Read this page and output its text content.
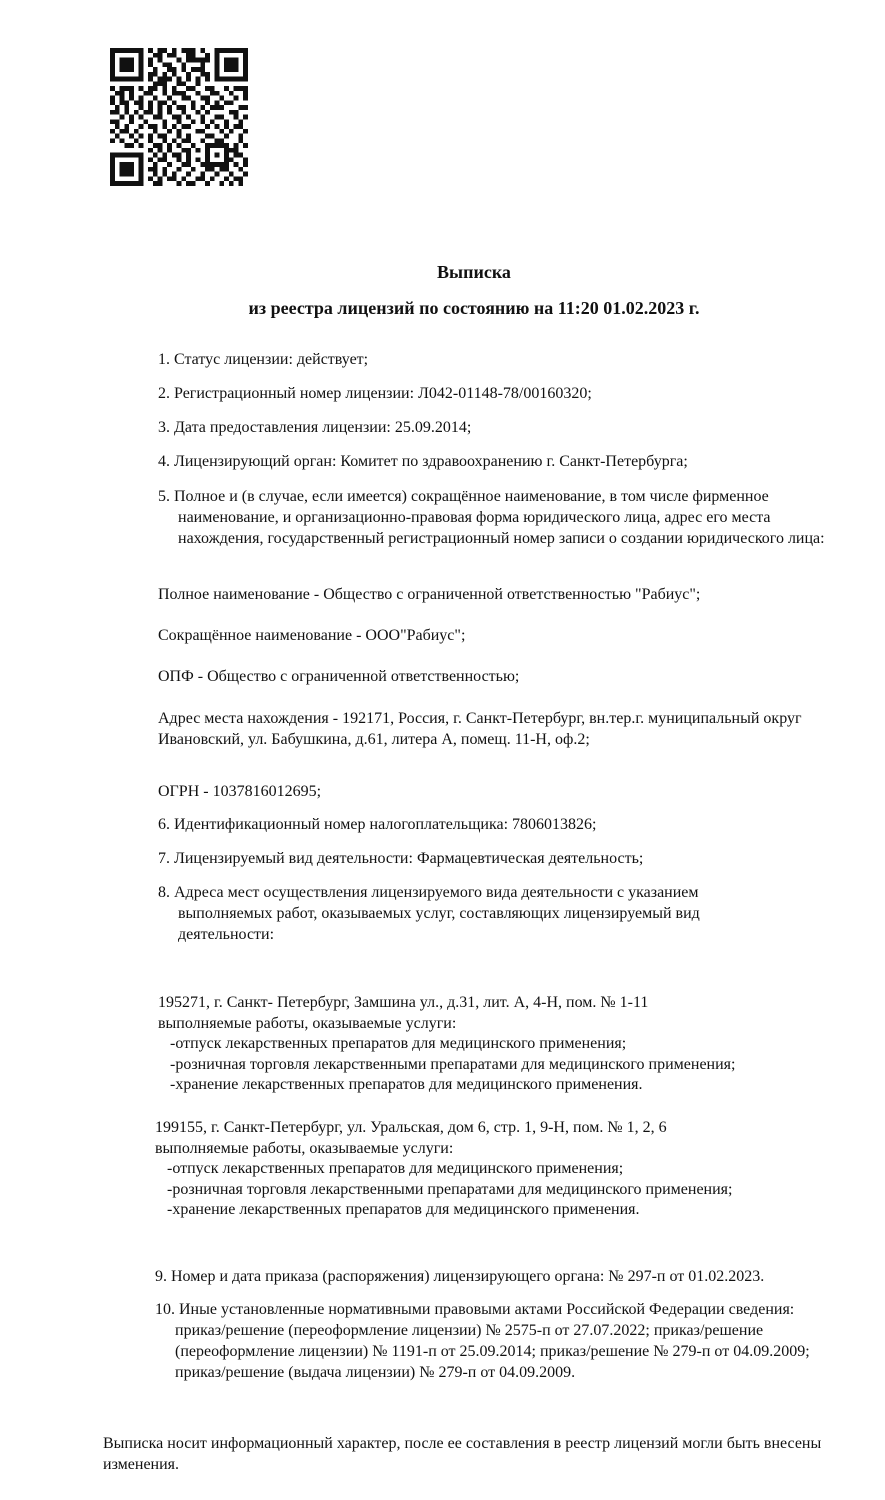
Выписка
из реестра лицензий по состоянию на 11:20 01.02.2023 г.
1. Статус лицензии: действует;
2. Регистрационный номер лицензии: Л042-01148-78/00160320;
3. Дата предоставления лицензии: 25.09.2014;
4. Лицензирующий орган: Комитет по здравоохранению г. Санкт-Петербурга;
5. Полное и (в случае, если имеется) сокращённое наименование, в том числе фирменное наименование, и организационно-правовая форма юридического лица, адрес его места нахождения, государственный регистрационный номер записи о создании юридического лица:
Полное наименование - Общество с ограниченной ответственностью "Рабиус";
Сокращённое наименование - ООО"Рабиус";
ОПФ - Общество с ограниченной ответственностью;
Адрес места нахождения - 192171, Россия, г. Санкт-Петербург, вн.тер.г. муниципальный округ Ивановский, ул. Бабушкина, д.61, литера А, помещ. 11-Н, оф.2;
ОГРН - 1037816012695;
6. Идентификационный номер налогоплательщика: 7806013826;
7. Лицензируемый вид деятельности: Фармацевтическая деятельность;
8. Адреса мест осуществления лицензируемого вида деятельности с указанием выполняемых работ, оказываемых услуг, составляющих лицензируемый вид деятельности:
195271, г. Санкт- Петербург, Замшина ул., д.31, лит. А, 4-Н, пом. № 1-11
выполняемые работы, оказываемые услуги:
-отпуск лекарственных препаратов для медицинского применения;
-розничная торговля лекарственными препаратами для медицинского применения;
-хранение лекарственных препаратов для медицинского применения.
199155, г. Санкт-Петербург, ул. Уральская, дом 6, стр. 1, 9-Н, пом. № 1, 2, 6
выполняемые работы, оказываемые услуги:
-отпуск лекарственных препаратов для медицинского применения;
-розничная торговля лекарственными препаратами для медицинского применения;
-хранение лекарственных препаратов для медицинского применения.
9. Номер и дата приказа (распоряжения) лицензирующего органа: № 297-п от 01.02.2023.
10. Иные установленные нормативными правовыми актами Российской Федерации сведения: приказ/решение (переоформление лицензии) № 2575-п от 27.07.2022; приказ/решение (переоформление лицензии) № 1191-п от 25.09.2014; приказ/решение № 279-п от 04.09.2009; приказ/решение (выдача лицензии) № 279-п от 04.09.2009.
Выписка носит информационный характер, после ее составления в реестр лицензий могли быть внесены изменения.
